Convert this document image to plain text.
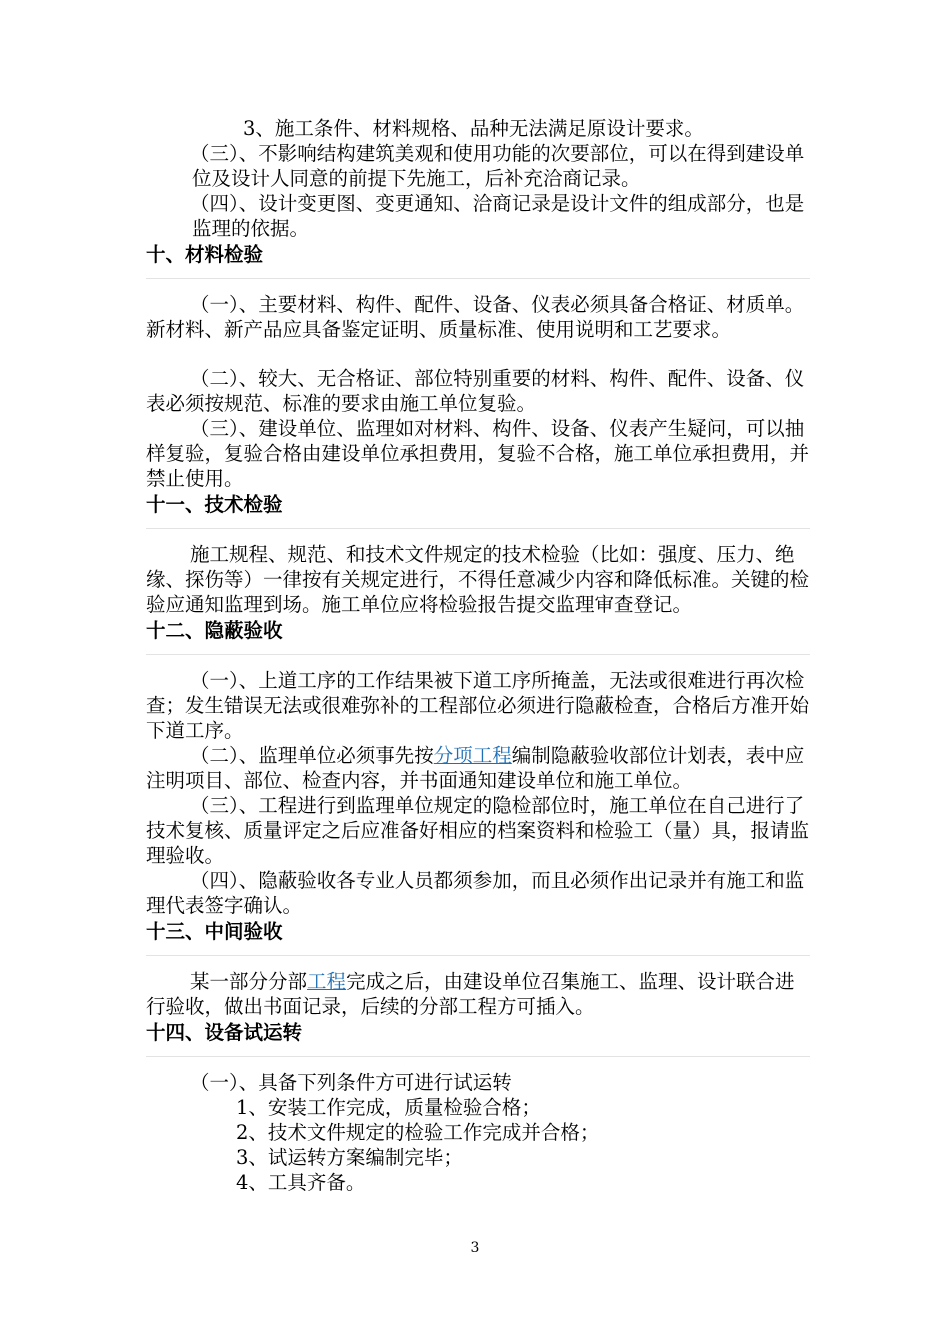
3、施工条件、材料规格、品种无法满足原设计要求。

（三）、不影响结构建筑美观和使用功能的次要部位，可以在得到建设单位及设计人同意的前提下先施工，后补充洽商记录。

（四）、设计变更图、变更通知、洽商记录是设计文件的组成部分，也是监理的依据。

十、材料检验

（一）、主要材料、构件、配件、设备、仪表必须具备合格证、材质单。新材料、新产品应具备鉴定证明、质量标准、使用说明和工艺要求。

（二）、较大、无合格证、部位特别重要的材料、构件、配件、设备、仪表必须按规范、标准的要求由施工单位复验。

（三）、建设单位、监理如对材料、构件、设备、仪表产生疑问，可以抽样复验，复验合格由建设单位承担费用，复验不合格，施工单位承担费用，并禁止使用。

十一、技术检验

施工规程、规范、和技术文件规定的技术检验（比如：强度、压力、绝缘、探伤等）一律按有关规定进行，不得任意减少内容和降低标准。关键的检验应通知监理到场。施工单位应将检验报告提交监理审查登记。

十二、隐蔽验收

（一）、上道工序的工作结果被下道工序所掩盖，无法或很难进行再次检查；发生错误无法或很难弥补的工程部位必须进行隐蔽检查，合格后方准开始下道工序。

（二）、监理单位必须事先按分项工程编制隐蔽验收部位计划表，表中应注明项目、部位、检查内容，并书面通知建设单位和施工单位。

（三）、工程进行到监理单位规定的隐检部位时，施工单位在自己进行了技术复核、质量评定之后应准备好相应的档案资料和检验工（量）具，报请监理验收。

（四）、隐蔽验收各专业人员都须参加，而且必须作出记录并有施工和监理代表签字确认。

十三、中间验收

某一部分分部工程完成之后，由建设单位召集施工、监理、设计联合进行验收，做出书面记录，后续的分部工程方可插入。

十四、设备试运转

（一）、具备下列条件方可进行试运转

1、安装工作完成，质量检验合格；

2、技术文件规定的检验工作完成并合格；

3、试运转方案编制完毕；

4、工具齐备。

3
